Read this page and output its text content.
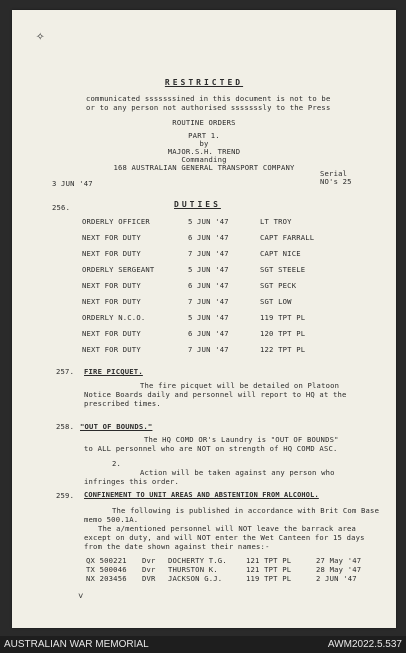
✧
RESTRICTED
communicated sssssssined in this document is not to be
or to any person not authorised sssssssly to the Press
ROUTINE ORDERS
PART 1.
by
MAJOR.S.H. TREND
Commanding
168 AUSTRALIAN GENERAL TRANSPORT COMPANY
3 JUN '47
Serial
NO's 25
256.	DUTIES
ORDERLY OFFICER	5 JUN '47	LT TROY
NEXT FOR DUTY	6 JUN '47	CAPT FARRALL
NEXT FOR DUTY	7 JUN '47	CAPT NICE
ORDERLY SERGEANT	5 JUN '47	SGT STEELE
NEXT FOR DUTY	6 JUN '47	SGT PECK
NEXT FOR DUTY	7 JUN '47	SGT LOW
ORDERLY N.C.O.	5 JUN '47	119 TPT PL
NEXT FOR DUTY	6 JUN '47	120 TPT PL
NEXT FOR DUTY	7 JUN '47	122 TPT PL
257. FIRE PICQUET.
The fire picquet will be detailed on Platoon
Notice Boards daily and personnel will report to HQ at the
prescribed times.
258. "OUT OF BOUNDS."
The HQ COMD OR's Laundry is "OUT OF BOUNDS"
to ALL personnel who are NOT on strength of HQ COMD ASC.
2.
Action will be taken against any person who
infringes this order.
259. CONFINEMENT TO UNIT AREAS AND ABSTENTION FROM ALCOHOL.
The following is published in accordance with Brit Com Base
memo 500.1A.
The a/mentioned personnel will NOT leave the barrack area
except on duty, and will NOT enter the Wet Canteen for 15 days
from the date shown against their names:-
QX 500221 Dvr DOCHERTY T.G.	121 TPT PL	27 May '47
TX 500046 Dvr THURSTON K.	121 TPT PL	28 May '47
NX 203456 DVR JACKSON G.J.	119 TPT PL	2 JUN '47
˅
AUSTRALIAN WAR MEMORIAL	AWM2022.5.537
